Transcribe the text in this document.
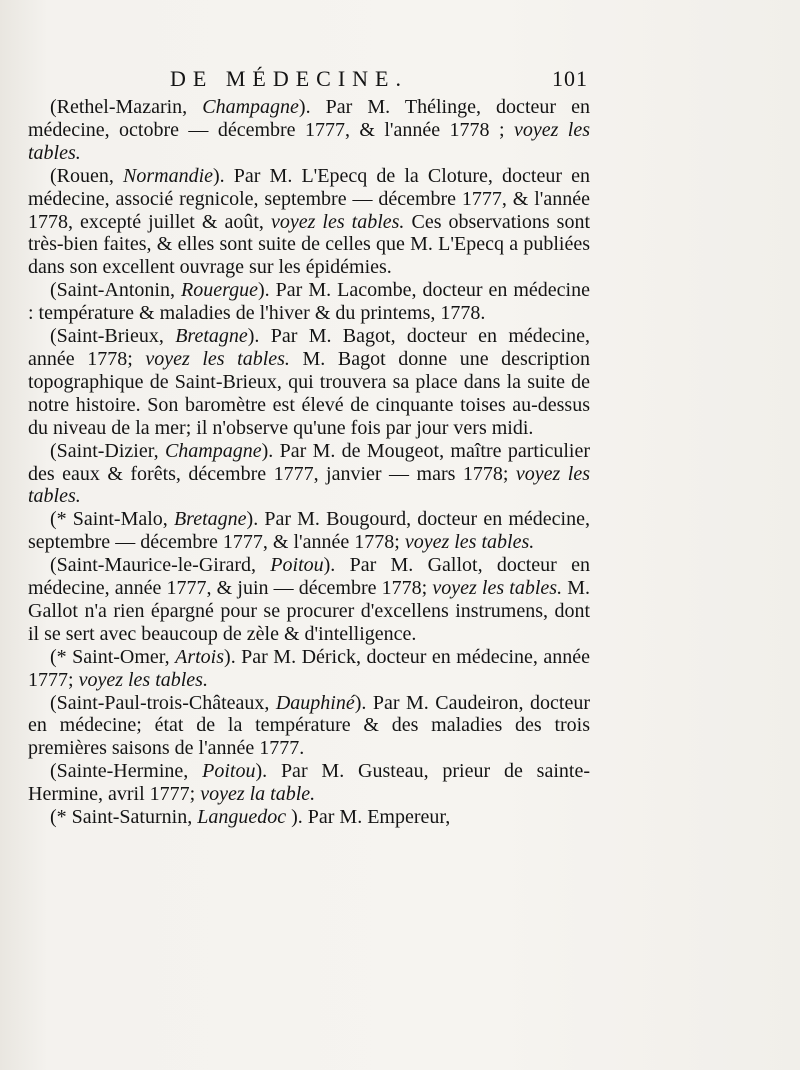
DE MÉDECINE.	101

(Rethel-Mazarin, Champagne). Par M. Thélinge, docteur en médecine, octobre — décembre 1777, & l'année 1778 ; voyez les tables.

(Rouen, Normandie). Par M. L'Epecq de la Cloture, docteur en médecine, associé regnicole, septembre — décembre 1777, & l'année 1778, excepté juillet & août, voyez les tables. Ces observations sont très-bien faites, & elles sont suite de celles que M. L'Epecq a publiées dans son excellent ouvrage sur les épidémies.

(Saint-Antonin, Rouergue). Par M. Lacombe, docteur en médecine : température & maladies de l'hiver & du printems, 1778.

(Saint-Brieux, Bretagne). Par M. Bagot, docteur en médecine, année 1778; voyez les tables. M. Bagot donne une description topographique de Saint-Brieux, qui trouvera sa place dans la suite de notre histoire. Son baromètre est élevé de cinquante toises au-dessus du niveau de la mer; il n'observe qu'une fois par jour vers midi.

(Saint-Dizier, Champagne). Par M. de Mougeot, maître particulier des eaux & forêts, décembre 1777, janvier — mars 1778; voyez les tables.

(* Saint-Malo, Bretagne). Par M. Bougourd, docteur en médecine, septembre — décembre 1777, & l'année 1778; voyez les tables.

(Saint-Maurice-le-Girard, Poitou). Par M. Gallot, docteur en médecine, année 1777, & juin — décembre 1778; voyez les tables. M. Gallot n'a rien épargné pour se procurer d'excellens instrumens, dont il se sert avec beaucoup de zèle & d'intelligence.

(* Saint-Omer, Artois). Par M. Dérick, docteur en médecine, année 1777; voyez les tables.

(Saint-Paul-trois-Châteaux, Dauphiné). Par M. Caudeiron, docteur en médecine; état de la température & des maladies des trois premières saisons de l'année 1777.

(Sainte-Hermine, Poitou). Par M. Gusteau, prieur de sainte-Hermine, avril 1777; voyez la table.

(* Saint-Saturnin, Languedoc ). Par M. Empereur,
